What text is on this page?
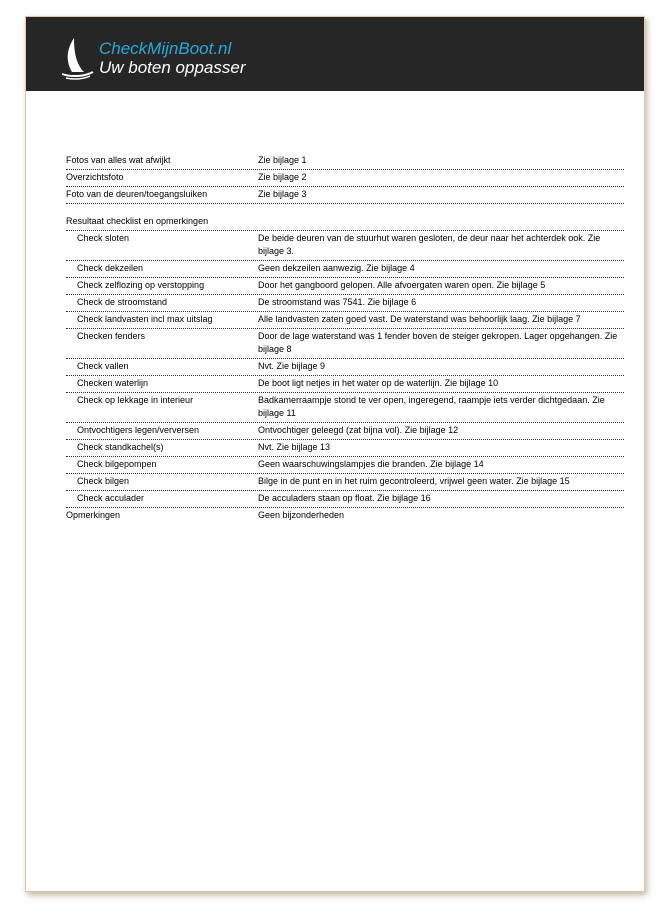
CheckMijnBoot.nl
Uw boten oppasser
Fotos van alles wat afwijkt	Zie bijlage 1
Overzichtsfoto	Zie bijlage 2
Foto van de deuren/toegangsluiken	Zie bijlage 3
Resultaat checklist en opmerkingen
Check sloten	De beide deuren van de stuurhut waren gesloten, de deur naar het achterdek ook. Zie bijlage 3.
Check dekzeilen	Geen dekzeilen aanwezig. Zie bijlage 4
Check zelflozing op verstopping	Door het gangboord gelopen. Alle afvoergaten waren open. Zie bijlage 5
Check de stroomstand	De stroomstand was 7541. Zie bijlage 6
Check landvasten incl max uitslag	Alle landvasten zaten goed vast. De waterstand was behoorlijk laag. Zie bijlage 7
Checken fenders	Door de lage waterstand was 1 fender boven de steiger gekropen. Lager opgehangen. Zie bijlage 8
Check vallen	Nvt. Zie bijlage 9
Checken waterlijn	De boot ligt netjes in het water op de waterlijn. Zie bijlage 10
Check op lekkage in interieur	Badkamerraampje stond te ver open, ingeregend, raampje iets verder dichtgedaan. Zie bijlage 11
Ontvochtigers legen/verversen	Ontvochtiger geleegd (zat bijna vol). Zie bijlage 12
Check standkachel(s)	Nvt. Zie bijlage 13
Check bilgepompen	Geen waarschuwingslampjes die branden. Zie bijlage 14
Check bilgen	Bilge in de punt en in het ruim gecontroleerd, vrijwel geen water. Zie bijlage 15
Check acculader	De acculaders staan op float. Zie bijlage 16
Opmerkingen	Geen bijzonderheden
